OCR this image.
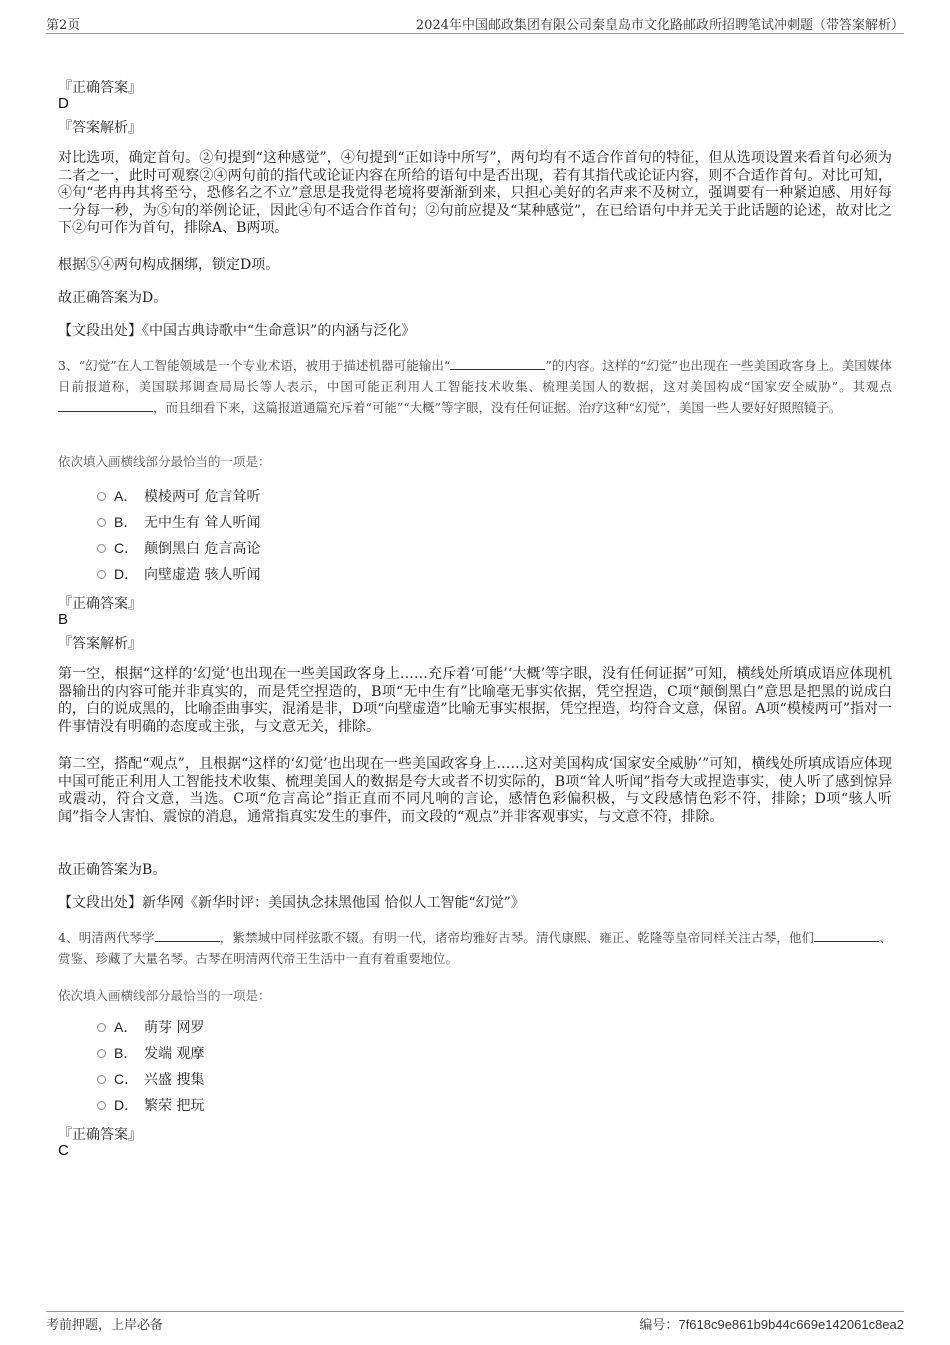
第2页	2024年中国邮政集团有限公司秦皇岛市文化路邮政所招聘笔试冲刺题（带答案解析）
『正确答案』
D
『答案解析』
对比选项，确定首句。②句提到“这种感觉”，④句提到“正如诗中所写”，两句均有不适合作首句的特征，但从选项设置来看首句必须为二者之一，此时可观察②④两句前的指代或论证内容在所给的语句中是否出现，若有其指代或论证内容，则不合适作首句。对比可知，④句“老冉冉其将至兮，恐修名之不立”意思是我觉得老境将要渐渐到来，只担心美好的名声来不及树立，强调要有一种紧迫感、用好每一分每一秒，为⑤句的举例论证，因此④句不适合作首句；②句前应提及“某种感觉”，在已给语句中并无关于此话题的论述，故对比之下②句可作为首句，排除A、B两项。
根据⑤④两句构成捆绑，锁定D项。
故正确答案为D。
【文段出处】《中国古典诗歌中“生命意识”的内涵与泛化》
3、“幻觉”在人工智能领域是一个专业术语，被用于描述机器可能输出“	”的内容。这样的“幻觉”也出现在一些美国政客身上。美国媒体日前报道称，美国联邦调查局局长等人表示，中国可能正利用人工智能技术收集、梳理美国人的数据，这对美国构成“国家安全威胁”。其观点，而且细看下来，这篇报道通篇充斥着“可能”“大概”等字眼，没有任何证据。治疗这种“幻觉”，美国一些人要好好照照镜子。
依次填入画横线部分最恰当的一项是：
A． 模棱两可 危言耸听
B． 无中生有 耸人听闻
C． 颠倒黑白 危言高论
D． 向壁虚造 骇人听闻
『正确答案』
B
『答案解析』
第一空，根据“这样的‘幻觉’也出现在一些美国政客身上……充斥着‘可能’‘大概’等字眼，没有任何证据”可知，横线处所填成语应体现机器输出的内容可能并非真实的，而是凭空捏造的，B项“无中生有”比喻毫无事实依据，凭空捏造，C项“颠倒黑白”意思是把黑的说成白的，白的说成黑的，比喻歪曲事实，混淆是非，D项“向壁虚造”比喻无事实根据，凭空捏造，均符合文意，保留。A项“模棱两可”指对一件事情没有明确的态度或主张，与文意无关，排除。
第二空，搭配“观点”，且根据“这样的‘幻觉’也出现在一些美国政客身上……这对美国构成‘国家安全威胁’”可知，横线处所填成语应体现中国可能正利用人工智能技术收集、梳理美国人的数据是夸大或者不切实际的，B项“耸人听闻”指夸大或捏造事实，使人听了感到惊异或震动，符合文意，当选。C项“危言高论”指正直而不同凡响的言论，感情色彩偏积极，与文段感情色彩不符，排除；D项“骇人听闻”指令人害怕、震惊的消息，通常指真实发生的事件，而文段的“观点”并非客观事实，与文意不符，排除。
故正确答案为B。
【文段出处】新华网《新华时评：美国执念抹黑他国 恰似人工智能“幻觉”》
4、明清两代琴学	，紫禁城中同样弦歌不辍。有明一代，诸帝均雅好古琴。清代康熙、雍正、乾隆等皇帝同样关注古琴，他们	、赏鉴、珍藏了大量名琴。古琴在明清两代帝王生活中一直有着重要地位。
依次填入画横线部分最恰当的一项是：
A． 萌芽 网罗
B． 发端 观摩
C． 兴盛 搜集
D． 繁荣 把玩
『正确答案』
C
考前押题，上岸必备	编号：7f618c9e861b9b44c669e142061c8ea2
